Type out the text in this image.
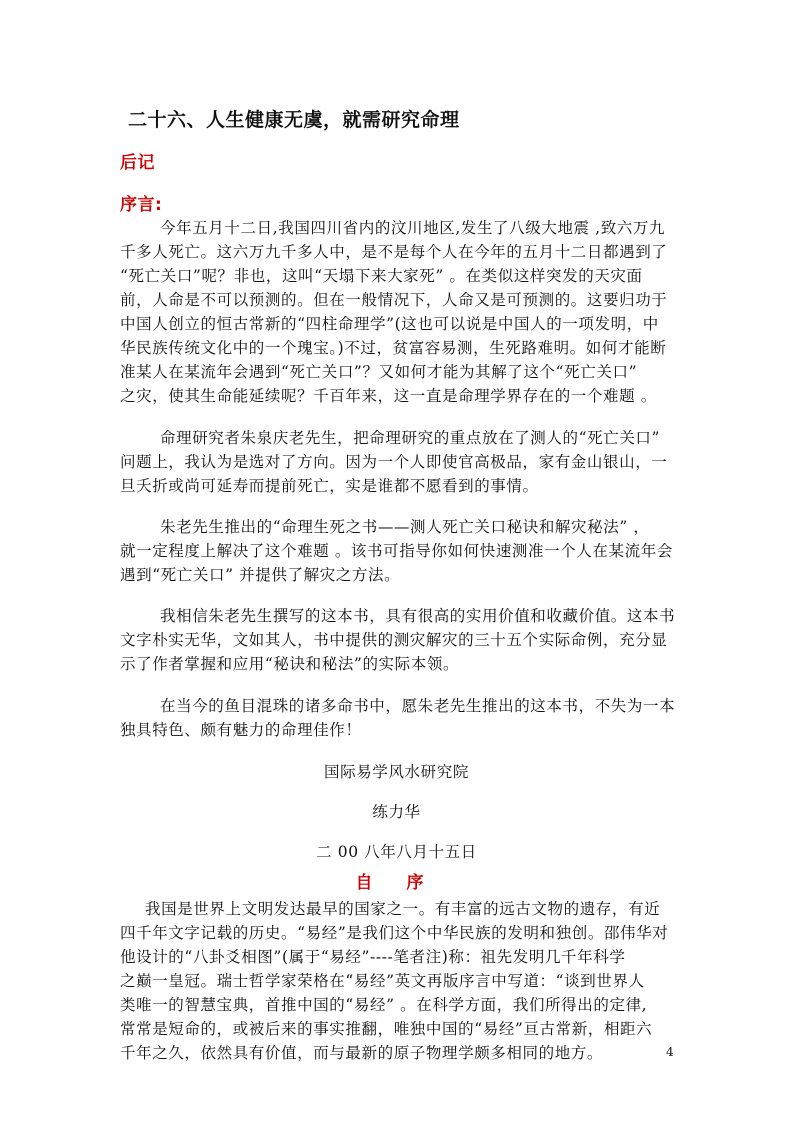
二十六、人生健康无虞，就需研究命理
后记
序言:
今年五月十二日,我国四川省内的汶川地区,发生了八级大地震 ,致六万九
千多人死亡。这六万九千多人中，是不是每个人在今年的五月十二日都遇到了
“死亡关口”呢？非也，这叫“天塌下来大家死” 。在类似这样突发的天灾面
前，人命是不可以预测的。但在一般情况下，人命又是可预测的。这要归功于
中国人创立的恒古常新的“四柱命理学”(这也可以说是中国人的一项发明，中
华民族传统文化中的一个瑰宝。)不过，贫富容易测，生死路难明。如何才能断
准某人在某流年会遇到“死亡关口”？又如何才能为其解了这个“死亡关口”
之灾，使其生命能延续呢？千百年来，这一直是命理学界存在的一个难题 。
命理研究者朱泉庆老先生，把命理研究的重点放在了测人的“死亡关口”
问题上，我认为是选对了方向。因为一个人即使官高极品，家有金山银山，一
旦夭折或尚可延寿而提前死亡，实是谁都不愿看到的事情。
朱老先生推出的“命理生死之书——测人死亡关口秘诀和解灾秘法” ，
就一定程度上解决了这个难题 。该书可指导你如何快速测准一个人在某流年会
遇到“死亡关口” 并提供了解灾之方法。
我相信朱老先生撰写的这本书，具有很高的实用价值和收藏价值。这本书
文字朴实无华，文如其人，书中提供的测灾解灾的三十五个实际命例，充分显
示了作者掌握和应用“秘诀和秘法”的实际本领。
在当今的鱼目混珠的诸多命书中，愿朱老先生推出的这本书，不失为一本
独具特色、颇有魅力的命理佳作！
国际易学风水研究院
练力华
二 00 八年八月十五日
自 序
我国是世界上文明发达最早的国家之一。有丰富的远古文物的遗存，有近
四千年文字记载的历史。“易经”是我们这个中华民族的发明和独创。邵伟华对
他设计的“八卦爻相图”(属于“易经”----笔者注)称：祖先发明几千年科学
之巅一皇冠。瑞士哲学家荣格在“易经”英文再版序言中写道：“谈到世界人
类唯一的智慧宝典，首推中国的“易经” 。在科学方面，我们所得出的定律,
常常是短命的，或被后来的事实推翻，唯独中国的“易经”亘古常新，相距六
千年之久，依然具有价值，而与最新的原子物理学颇多相同的地方。	4
